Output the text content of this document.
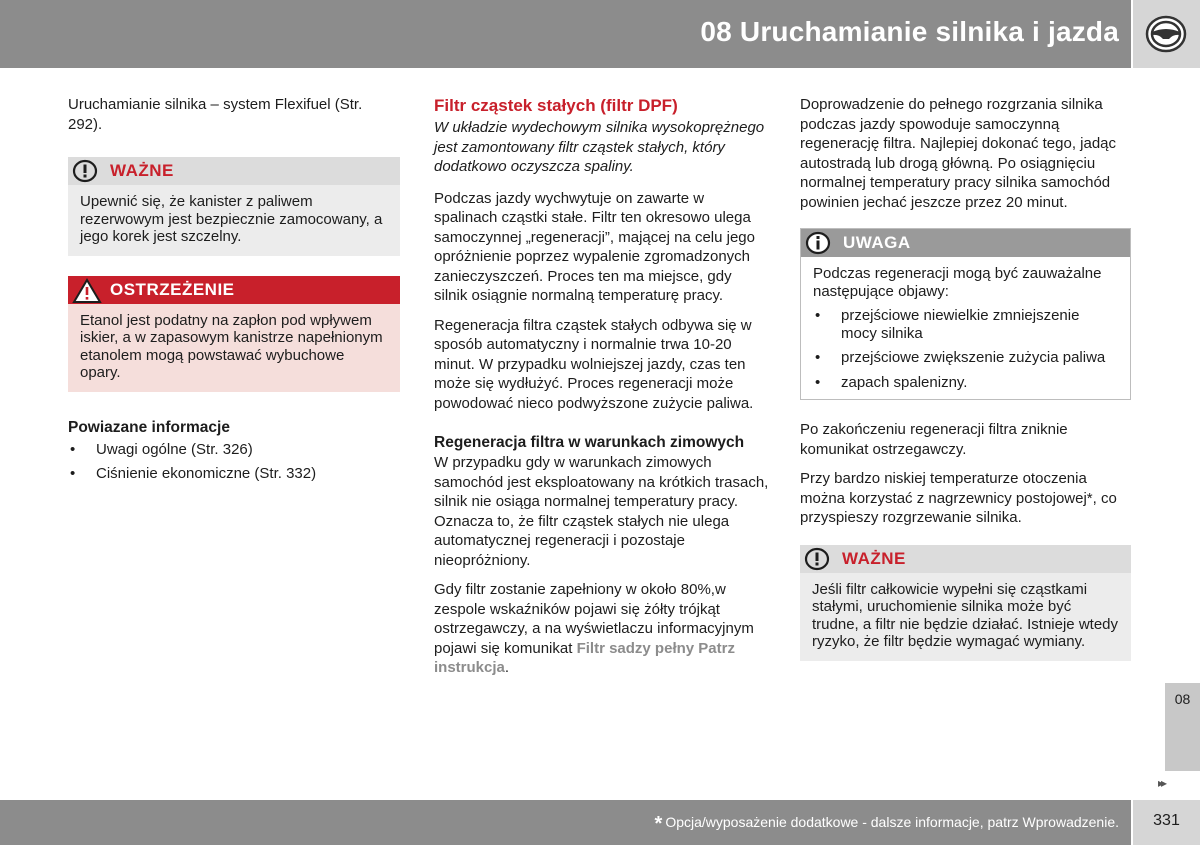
08 Uruchamianie silnika i jazda

Uruchamianie silnika – system Flexifuel (Str. 292).

WAŻNE
Upewnić się, że kanister z paliwem rezerwowym jest bezpiecznie zamocowany, a jego korek jest szczelny.
OSTRZEŻENIE
Etanol jest podatny na zapłon pod wpływem iskier, a w zapasowym kanistrze napełnionym etanolem mogą powstawać wybuchowe opary.
Powiazane informacje
• Uwagi ogólne (Str. 326)
• Ciśnienie ekonomiczne (Str. 332)
Filtr cząstek stałych (filtr DPF)

W układzie wydechowym silnika wysokoprężnego jest zamontowany filtr cząstek stałych, który dodatkowo oczyszcza spaliny.

Podczas jazdy wychwytuje on zawarte w spalinach cząstki stałe. Filtr ten okresowo ulega samoczynnej „regeneracji”, mającej na celu jego opróżnienie poprzez wypalenie zgromadzonych zanieczyszczeń. Proces ten ma miejsce, gdy silnik osiągnie normalną temperaturę pracy.

Regeneracja filtra cząstek stałych odbywa się w sposób automatyczny i normalnie trwa 10-20 minut. W przypadku wolniejszej jazdy, czas ten może się wydłużyć. Proces regeneracji może powodować nieco podwyższone zużycie paliwa.

Regeneracja filtra w warunkach zimowych

W przypadku gdy w warunkach zimowych samochód jest eksploatowany na krótkich trasach, silnik nie osiąga normalnej temperatury pracy. Oznacza to, że filtr cząstek stałych nie ulega automatycznej regeneracji i pozostaje nieopróżniony.

Gdy filtr zostanie zapełniony w około 80%,w zespole wskaźników pojawi się żółty trójkąt ostrzegawczy, a na wyświetlaczu informacyjnym pojawi się komunikat Filtr sadzy pełny Patrz instrukcja.

Doprowadzenie do pełnego rozgrzania silnika podczas jazdy spowoduje samoczynną regenerację filtra. Najlepiej dokonać tego, jadąc autostradą lub drogą główną. Po osiągnięciu normalnej temperatury pracy silnika samochód powinien jechać jeszcze przez 20 minut.

UWAGA
Podczas regeneracji mogą być zauważalne następujące objawy:
• przejściowe niewielkie zmniejszenie mocy silnika
• przejściowe zwiększenie zużycia paliwa
• zapach spalenizny.

Po zakończeniu regeneracji filtra zniknie komunikat ostrzegawczy.

Przy bardzo niskiej temperaturze otoczenia można korzystać z nagrzewnicy postojowej*, co przyspieszy rozgrzewanie silnika.

WAŻNE
Jeśli filtr całkowicie wypełni się cząstkami stałymi, uruchomienie silnika może być trudne, a filtr nie będzie działać. Istnieje wtedy ryzyko, że filtr będzie wymagać wymiany.
08
▸▸
* Opcja/wyposażenie dodatkowe - dalsze informacje, patrz Wprowadzenie.	331
